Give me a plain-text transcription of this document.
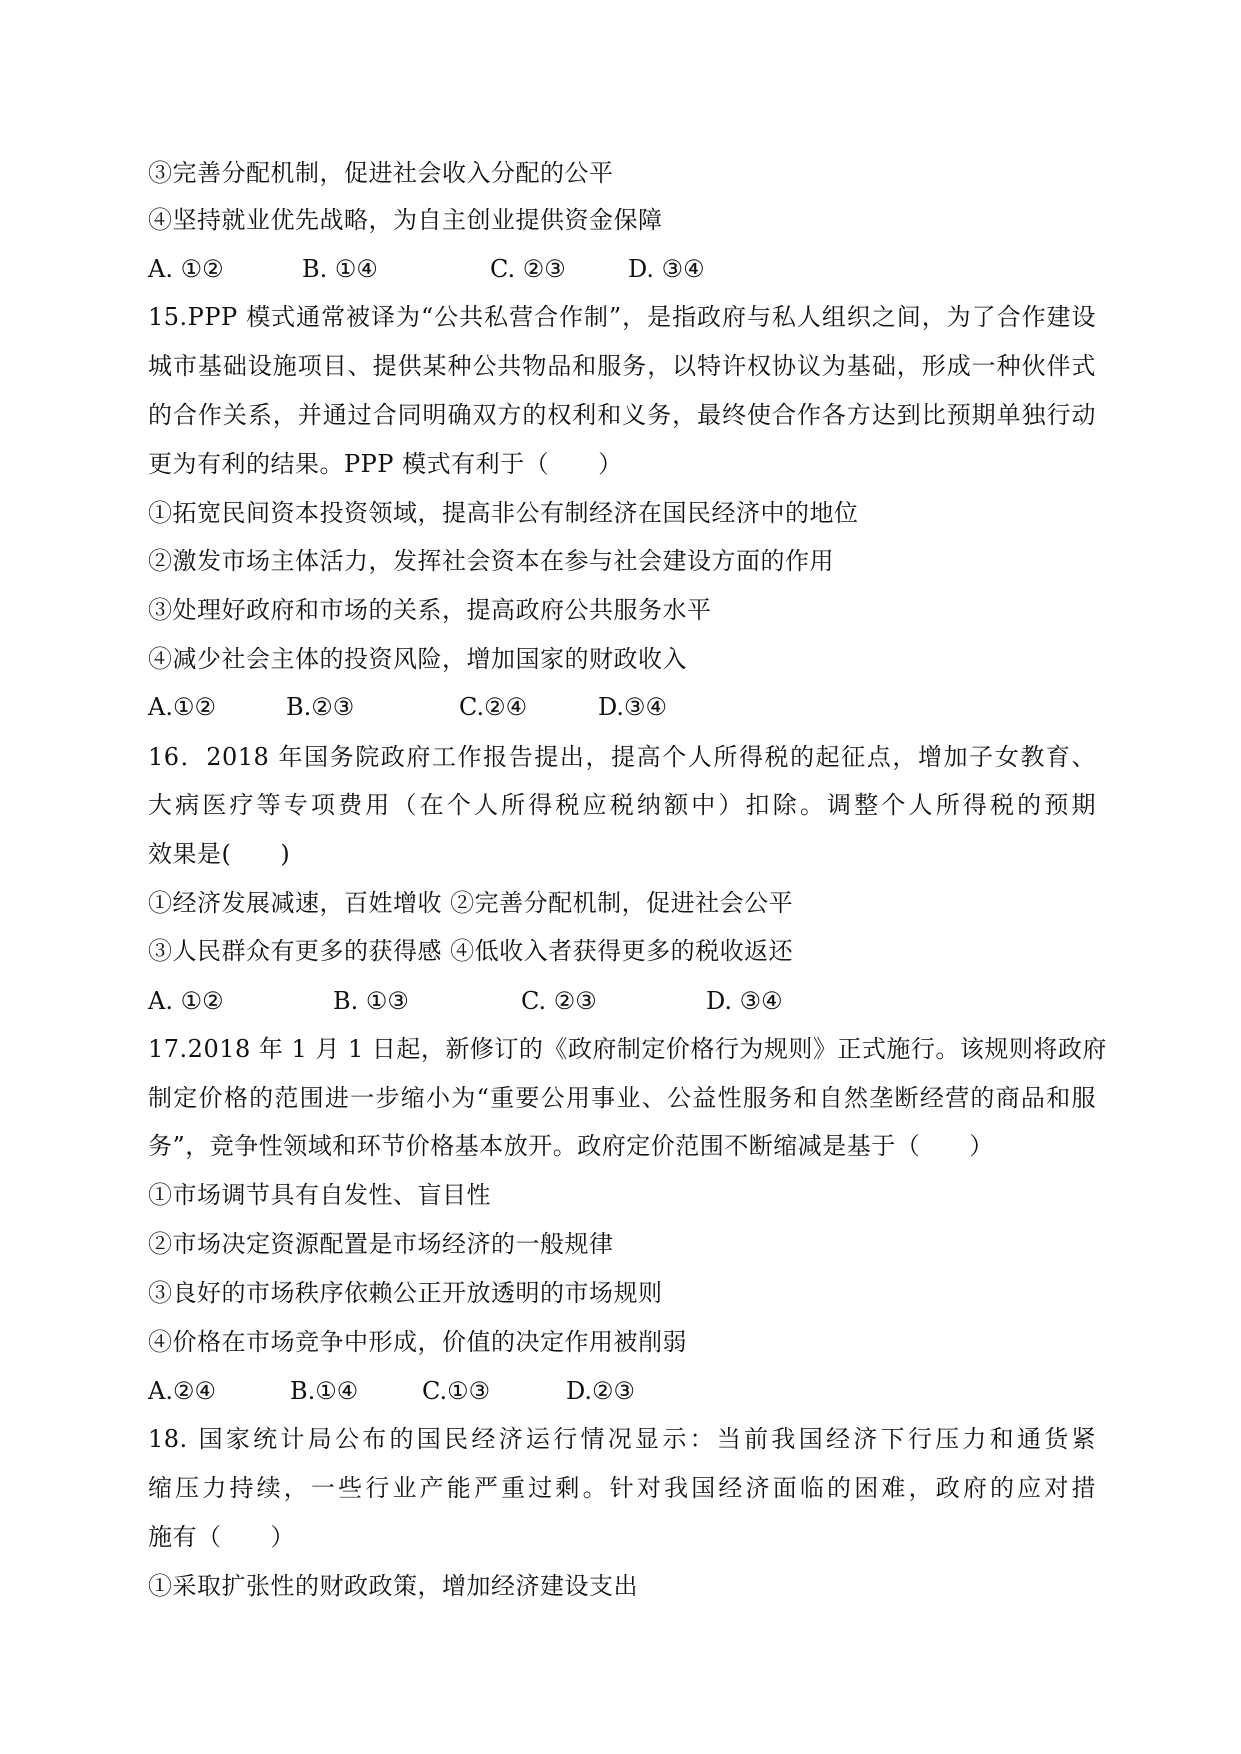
③完善分配机制，促进社会收入分配的公平
④坚持就业优先战略，为自主创业提供资金保障
A. ①②	B. ①④	C. ②③	D. ③④
15.PPP 模式通常被译为“公共私营合作制”，是指政府与私人组织之间，为了合作建设
城市基础设施项目、提供某种公共物品和服务，以特许权协议为基础，形成一种伙伴式
的合作关系，并通过合同明确双方的权利和义务，最终使合作各方达到比预期单独行动
更为有利的结果。PPP 模式有利于（　　）
①拓宽民间资本投资领域，提高非公有制经济在国民经济中的地位
②激发市场主体活力，发挥社会资本在参与社会建设方面的作用
③处理好政府和市场的关系，提高政府公共服务水平
④减少社会主体的投资风险，增加国家的财政收入
A.①②	B.②③	C.②④	D.③④
16．2018 年国务院政府工作报告提出，提高个人所得税的起征点，增加子女教育、
大病医疗等专项费用（在个人所得税应税纳额中）扣除。调整个人所得税的预期
效果是(　　)
①经济发展减速，百姓增收 ②完善分配机制，促进社会公平
③人民群众有更多的获得感 ④低收入者获得更多的税收返还
A. ①②	B. ①③	C. ②③	D. ③④
17.2018 年 1 月 1 日起，新修订的《政府制定价格行为规则》正式施行。该规则将政府
制定价格的范围进一步缩小为“重要公用事业、公益性服务和自然垄断经营的商品和服
务”，竞争性领域和环节价格基本放开。政府定价范围不断缩减是基于（　　）
①市场调节具有自发性、盲目性
②市场决定资源配置是市场经济的一般规律
③良好的市场秩序依赖公正开放透明的市场规则
④价格在市场竞争中形成，价值的决定作用被削弱
A.②④	B.①④	C.①③	D.②③
18. 国家统计局公布的国民经济运行情况显示：当前我国经济下行压力和通货紧
缩压力持续，一些行业产能严重过剩。针对我国经济面临的困难，政府的应对措
施有（　　）
①采取扩张性的财政政策，增加经济建设支出
